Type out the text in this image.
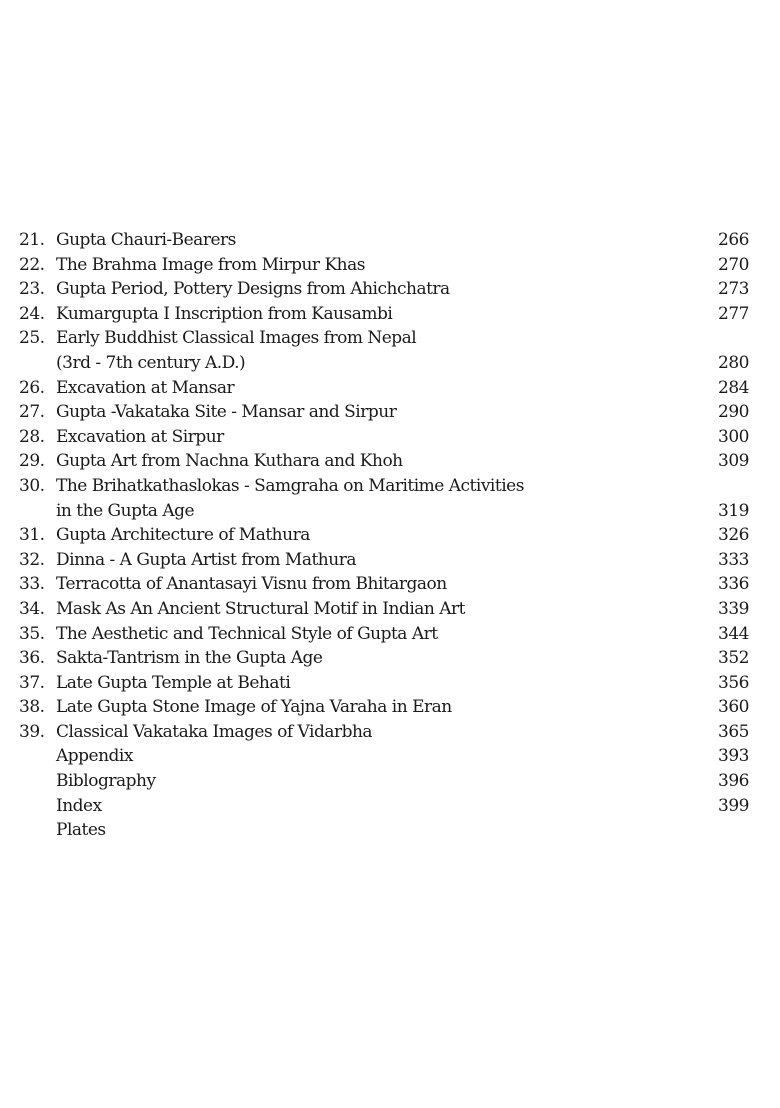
21. Gupta Chauri-Bearers	266
22. The Brahma Image from Mirpur Khas	270
23. Gupta Period, Pottery Designs from Ahichchatra	273
24. Kumargupta I Inscription from Kausambi	277
25. Early Buddhist Classical Images from Nepal
(3rd - 7th century A.D.)	280
26. Excavation at Mansar	284
27. Gupta -Vakataka Site - Mansar and Sirpur	290
28. Excavation at Sirpur	300
29. Gupta Art from Nachna Kuthara and Khoh	309
30. The Brihatkathaslokas - Samgraha on Maritime Activities
in the Gupta Age	319
31. Gupta Architecture of Mathura	326
32. Dinna - A Gupta Artist from Mathura	333
33. Terracotta of Anantasayi Visnu from Bhitargaon	336
34. Mask As An Ancient Structural Motif in Indian Art	339
35. The Aesthetic and Technical Style of Gupta Art	344
36. Sakta-Tantrism in the Gupta Age	352
37. Late Gupta Temple at Behati	356
38. Late Gupta Stone Image of Yajna Varaha in Eran	360
39. Classical Vakataka Images of Vidarbha	365
Appendix	393
Biblography	396
Index	399
Plates
